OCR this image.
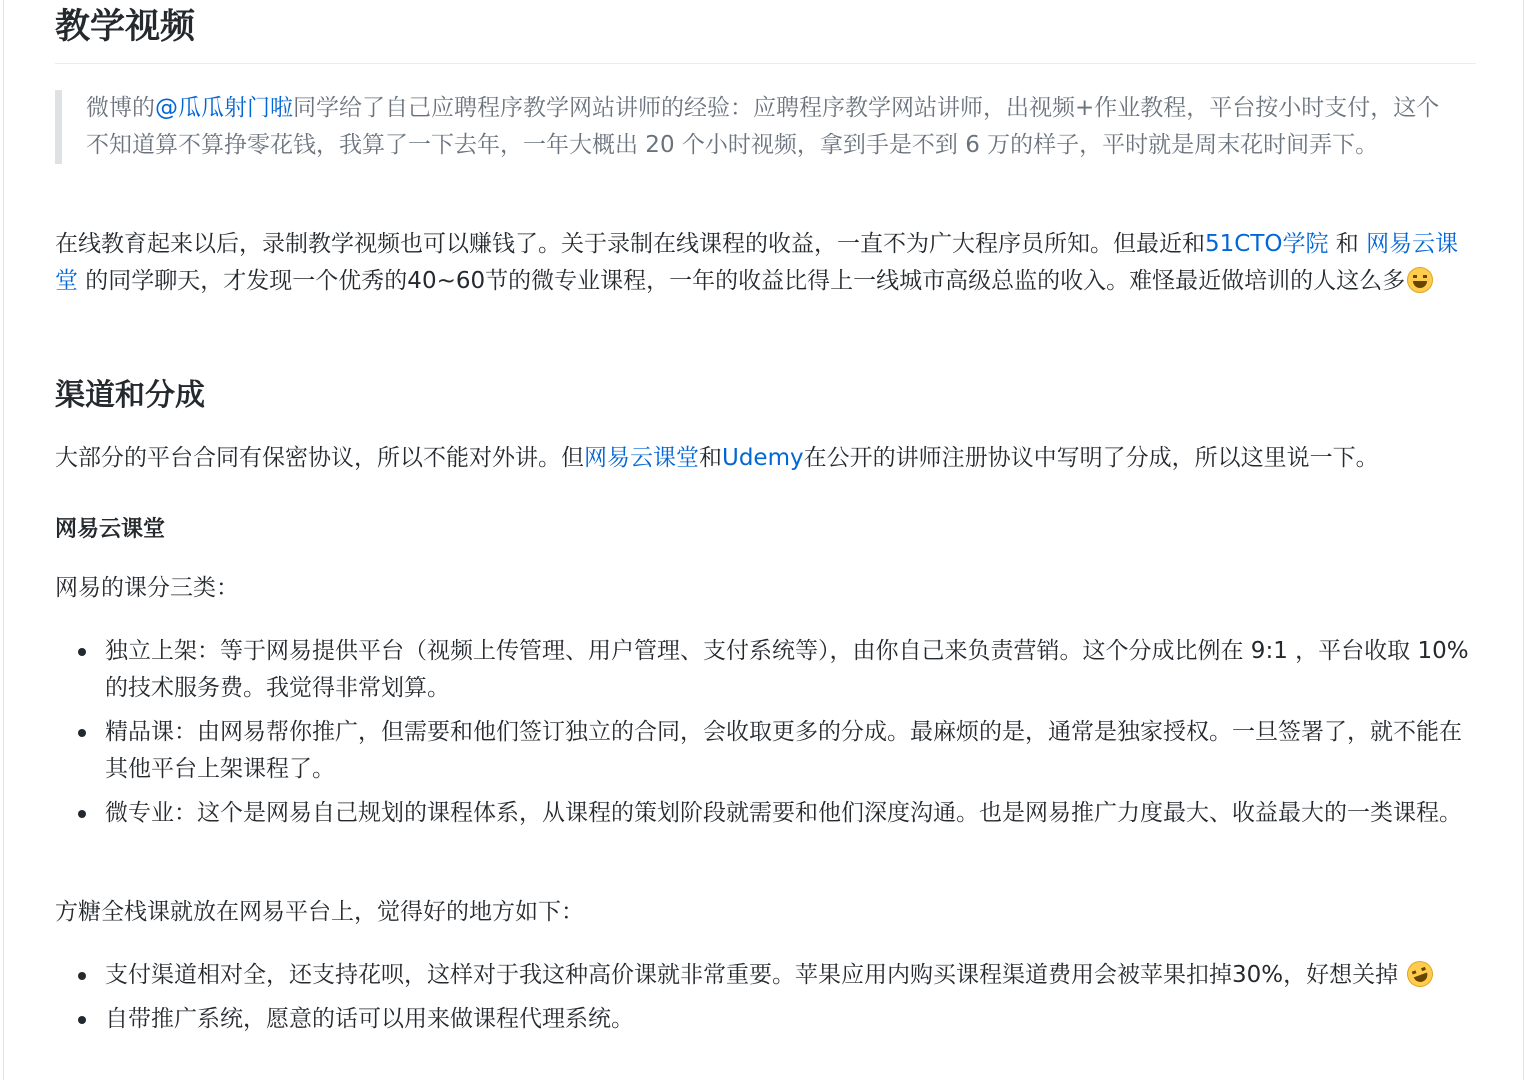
教学视频
微博的@瓜瓜射门啦同学给了自己应聘程序教学网站讲师的经验：应聘程序教学网站讲师，出视频+作业教程，平台按小时支付，这个不知道算不算挣零花钱，我算了一下去年，一年大概出 20 个小时视频，拿到手是不到 6 万的样子，平时就是周末花时间弄下。
在线教育起来以后，录制教学视频也可以赚钱了。关于录制在线课程的收益，一直不为广大程序员所知。但最近和51CTO学院 和 网易云课堂 的同学聊天，才发现一个优秀的40~60节的微专业课程，一年的收益比得上一线城市高级总监的收入。难怪最近做培训的人这么多
渠道和分成
大部分的平台合同有保密协议，所以不能对外讲。但网易云课堂和Udemy在公开的讲师注册协议中写明了分成，所以这里说一下。
网易云课堂
网易的课分三类：
独立上架：等于网易提供平台（视频上传管理、用户管理、支付系统等），由你自己来负责营销。这个分成比例在 9:1 ，平台收取 10% 的技术服务费。我觉得非常划算。
精品课：由网易帮你推广，但需要和他们签订独立的合同，会收取更多的分成。最麻烦的是，通常是独家授权。一旦签署了，就不能在其他平台上架课程了。
微专业：这个是网易自己规划的课程体系，从课程的策划阶段就需要和他们深度沟通。也是网易推广力度最大、收益最大的一类课程。
方糖全栈课就放在网易平台上，觉得好的地方如下：
支付渠道相对全，还支持花呗，这样对于我这种高价课就非常重要。苹果应用内购买课程渠道费用会被苹果扣掉30%，好想关掉
自带推广系统，愿意的话可以用来做课程代理系统。
